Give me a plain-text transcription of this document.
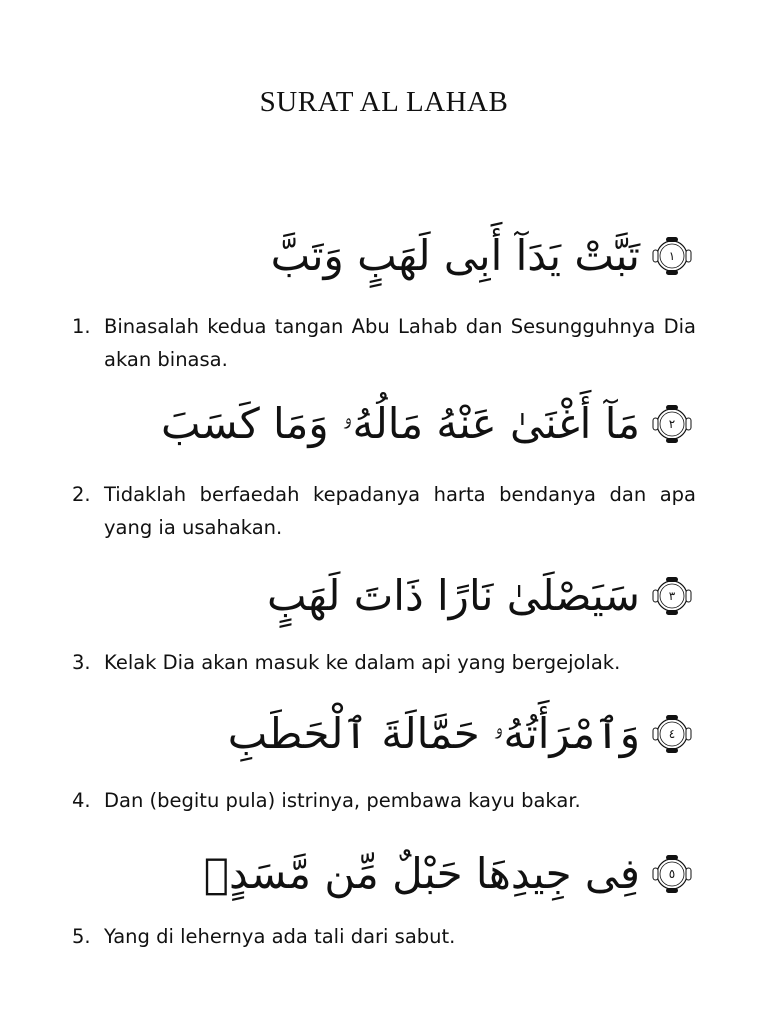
SURAT AL LAHAB
١
تَبَّتْ يَدَآ أَبِى لَهَبٍ وَتَبَّ
1. Binasalah kedua tangan Abu Lahab dan Sesungguhnya Dia akan binasa.
٢
مَآ أَغْنَىٰ عَنْهُ مَالُهُۥ وَمَا كَسَبَ
2. Tidaklah berfaedah kepadanya harta bendanya dan apa yang ia usahakan.
٣
سَيَصْلَىٰ نَارًا ذَاتَ لَهَبٍ
3. Kelak Dia akan masuk ke dalam api yang bergejolak.
٤
وَٱمْرَأَتُهُۥ حَمَّالَةَ ٱلْحَطَبِ
4. Dan (begitu pula) istrinya, pembawa kayu bakar.
٥
فِى جِيدِهَا حَبْلٌ مِّن مَّسَدٍۭ
5. Yang di lehernya ada tali dari sabut.
